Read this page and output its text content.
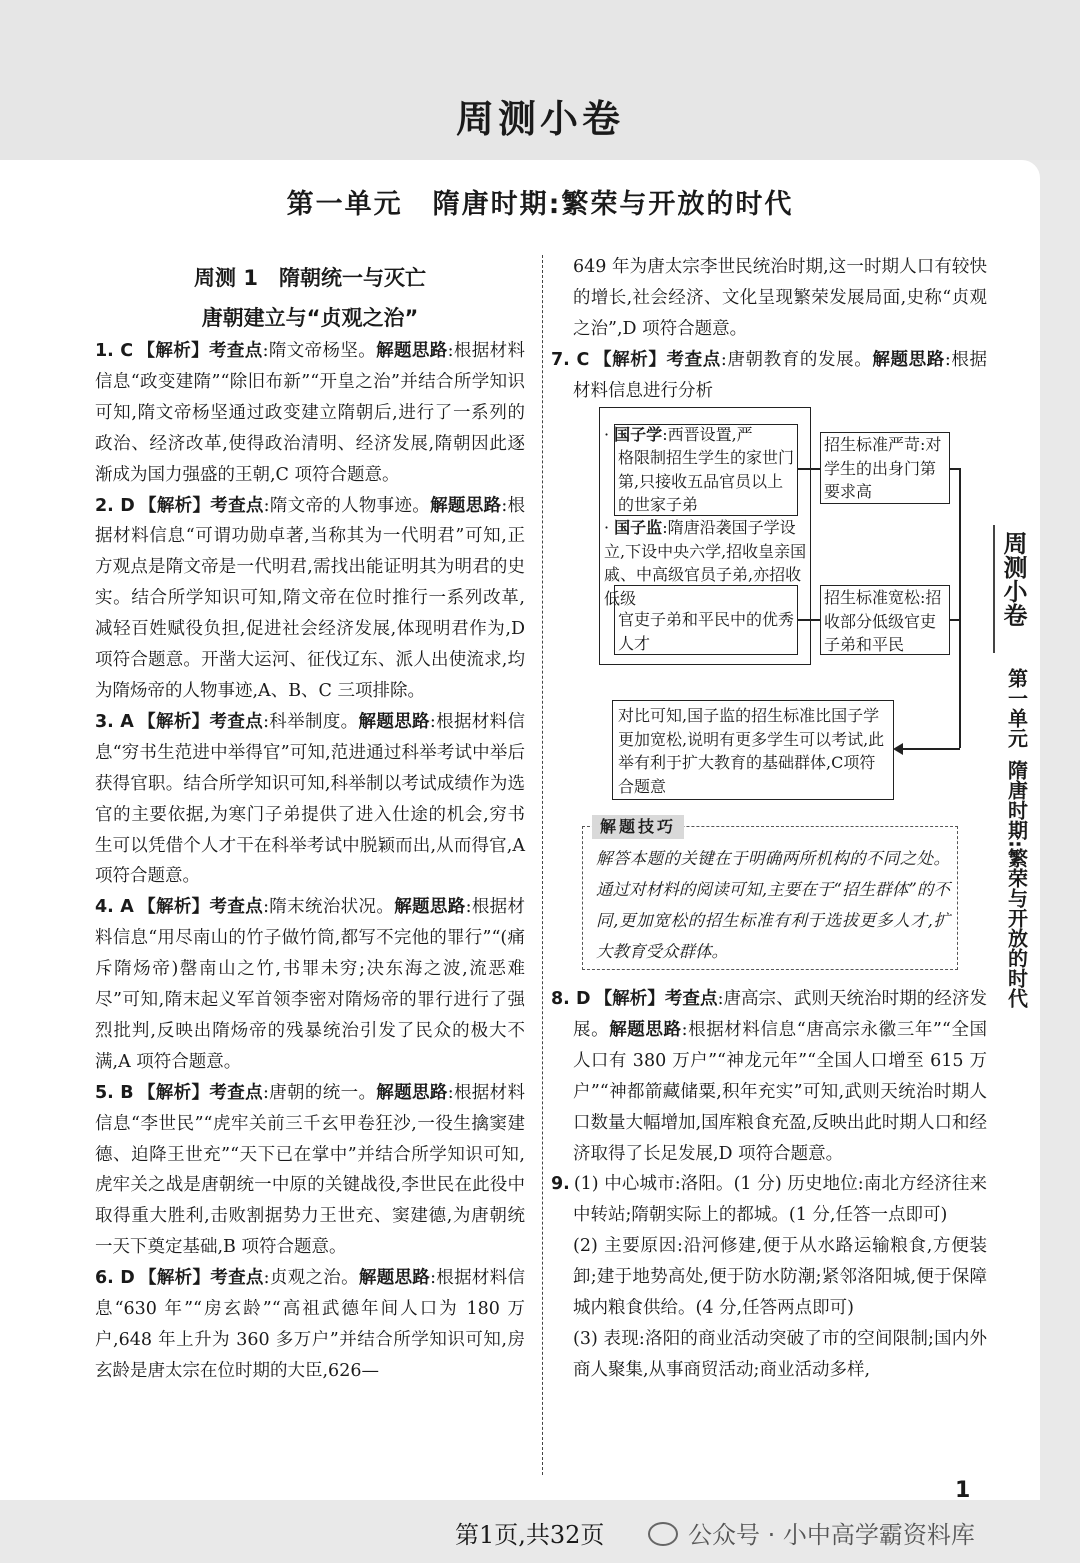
周测小卷
第一单元 隋唐时期:繁荣与开放的时代
周测 1　隋朝统一与灭亡
唐朝建立与“贞观之治”

1. C 【解析】考查点:隋文帝杨坚。解题思路:根据材料信息“政变建隋”“除旧布新”“开皇之治”并结合所学知识可知,隋文帝杨坚通过政变建立隋朝后,进行了一系列的政治、经济改革,使得政治清明、经济发展,隋朝因此逐渐成为国力强盛的王朝,C 项符合题意。

2. D 【解析】考查点:隋文帝的人物事迹。解题思路:根据材料信息“可谓功勋卓著,当称其为一代明君”可知,正方观点是隋文帝是一代明君,需找出能证明其为明君的史实。结合所学知识可知,隋文帝在位时推行一系列改革,减轻百姓赋役负担,促进社会经济发展,体现明君作为,D 项符合题意。开凿大运河、征伐辽东、派人出使流求,均为隋炀帝的人物事迹,A、B、C 三项排除。

3. A 【解析】考查点:科举制度。解题思路:根据材料信息“穷书生范进中举得官”可知,范进通过科举考试中举后获得官职。结合所学知识可知,科举制以考试成绩作为选官的主要依据,为寒门子弟提供了进入仕途的机会,穷书生可以凭借个人才干在科举考试中脱颖而出,从而得官,A 项符合题意。

4. A 【解析】考查点:隋末统治状况。解题思路:根据材料信息“用尽南山的竹子做竹筒,都写不完他的罪行”“(痛斥隋炀帝)罄南山之竹,书罪未穷;决东海之波,流恶难尽”可知,隋末起义军首领李密对隋炀帝的罪行进行了强烈批判,反映出隋炀帝的残暴统治引发了民众的极大不满,A 项符合题意。

5. B 【解析】考查点:唐朝的统一。解题思路:根据材料信息“李世民”“虎牢关前三千玄甲卷狂沙,一役生擒窦建德、迫降王世充”“天下已在掌中”并结合所学知识可知,虎牢关之战是唐朝统一中原的关键战役,李世民在此役中取得重大胜利,击败割据势力王世充、窦建德,为唐朝统一天下奠定基础,B 项符合题意。

6. D 【解析】考查点:贞观之治。解题思路:根据材料信息“630 年”“房玄龄”“高祖武德年间人口为 180 万户,648 年上升为 360 多万户”并结合所学知识可知,房玄龄是唐太宗在位时期的大臣,626—

649 年为唐太宗李世民统治时期,这一时期人口有较快的增长,社会经济、文化呈现繁荣发展局面,史称“贞观之治”,D 项符合题意。

7. C 【解析】考查点:唐朝教育的发展。解题思路:根据材料信息进行分析

· 国子学:西晋设置,严
格限制招生学生的家世门第,只接收五品官员以上的世家子弟
· 国子监:隋唐沿袭国子学设立,下设中央六学,招收皇亲国戚、中高级官员子弟,亦招收低级
官吏子弟和平民中的优秀人才
招生标准严苛:对学生的出身门第要求高
招生标准宽松:招收部分低级官吏子弟和平民
对比可知,国子监的招生标准比国子学更加宽松,说明有更多学生可以考试,此举有利于扩大教育的基础群体,C项符合题意
解题技巧
解答本题的关键在于明确两所机构的不同之处。通过对材料的阅读可知,主要在于“招生群体”的不同,更加宽松的招生标准有利于选拔更多人才,扩大教育受众群体。

8. D 【解析】考查点:唐高宗、武则天统治时期的经济发展。解题思路:根据材料信息“唐高宗永徽三年”“全国人口有 380 万户”“神龙元年”“全国人口增至 615 万户”“神都箭藏储粟,积年充实”可知,武则天统治时期人口数量大幅增加,国库粮食充盈,反映出此时期人口和经济取得了长足发展,D 项符合题意。

9. (1) 中心城市:洛阳。(1 分) 历史地位:南北方经济往来中转站;隋朝实际上的都城。(1 分,任答一点即可)

(2) 主要原因:沿河修建,便于从水路运输粮食,方便装卸;建于地势高处,便于防水防潮;紧邻洛阳城,便于保障城内粮食供给。(4 分,任答两点即可)

(3) 表现:洛阳的商业活动突破了市的空间限制;国内外商人聚集,从事商贸活动;商业活动多样,

周测小卷
第一单元
隋唐时期:繁荣与开放的时代
1
第1页,共32页	公众号 · 小中高学霸资料库
